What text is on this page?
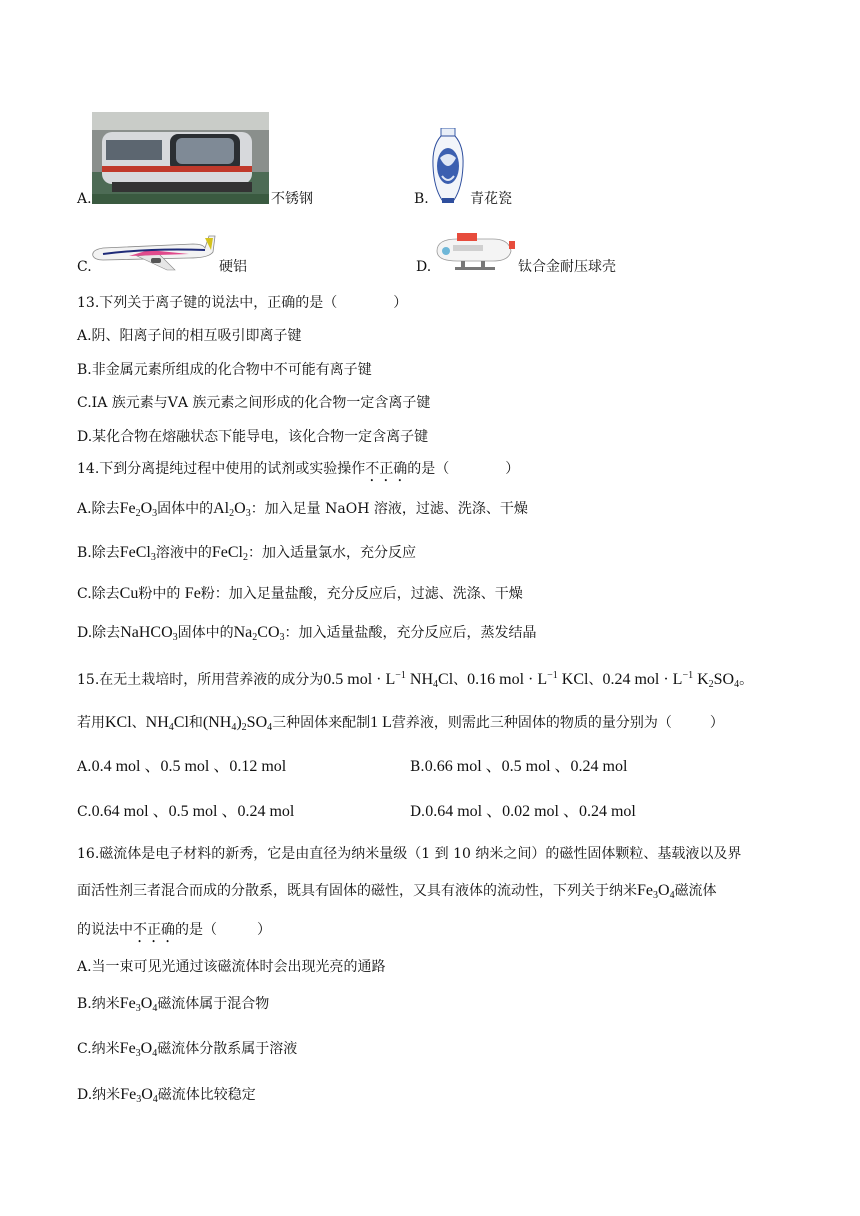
A.	不锈钢	B.	青花瓷
C.	硬铝	D.	钛合金耐压球壳
13.下列关于离子键的说法中，正确的是（	）
A.阴、阳离子间的相互吸引即离子键
B.非金属元素所组成的化合物中不可能有离子键
C.ⅠA 族元素与ⅤA 族元素之间形成的化合物一定含离子键
D.某化合物在熔融状态下能导电，该化合物一定含离子键
14.下到分离提纯过程中使用的试剂或实验操作不正确的是（	）
A.除去$Fe_2O_3$固体中的$Al_2O_3$：加入足量 NaOH 溶液，过滤、洗涤、干燥
B.除去FeCl$_3$溶液中的FeCl$_2$：加入适量氯水，充分反应
C.除去Cu粉中的 Fe粉：加入足量盐酸，充分反应后，过滤、洗涤、干燥
D.除去NaHCO$_3$固体中的$Na_2CO_3$：加入适量盐酸，充分反应后，蒸发结晶
15.在无土栽培时，所用营养液的成分为0.5 mol · $L^{-1}$ $NH_4Cl$、0.16 mol · $L^{-1}$ KCl、0.24 mol · $L^{-1}$ $K_2SO_4$。
若用KCl、$NH_4Cl$和$(NH_4)_2SO_4$三种固体来配制1 L营养液，则需此三种固体的物质的量分别为（	）
A.0.4 mol 、0.5 mol 、0.12 mol	B.0.66 mol 、0.5 mol 、0.24 mol
C.0.64 mol 、0.5 mol 、0.24 mol	D.0.64 mol 、0.02 mol 、0.24 mol
16.磁流体是电子材料的新秀，它是由直径为纳米量级（1 到 10 纳米之间）的磁性固体颗粒、基载液以及界
面活性剂三者混合而成的分散系，既具有固体的磁性，又具有液体的流动性，下列关于纳米$Fe_3O_4$磁流体
的说法中不正确的是（	）
A.当一束可见光通过该磁流体时会出现光亮的通路
B.纳米$Fe_3O_4$磁流体属于混合物
C.纳米$Fe_3O_4$磁流体分散系属于溶液
D.纳米$Fe_3O_4$磁流体比较稳定
